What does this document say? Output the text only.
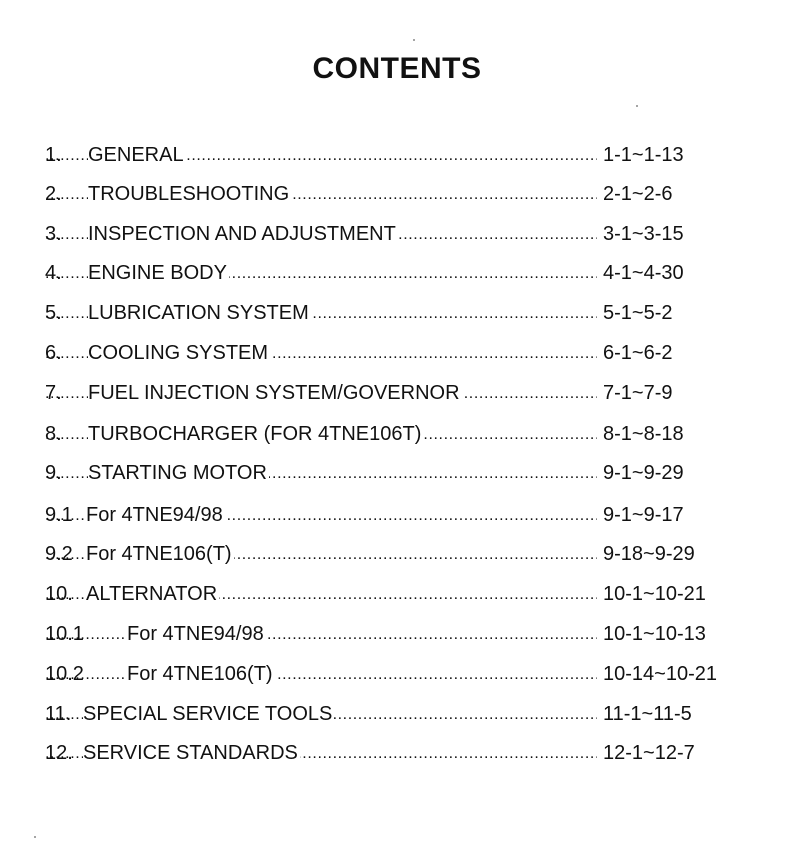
CONTENTS
.....
1. GENERAL	1-1~1-13
.....
2. TROUBLESHOOTING	2-1~2-6
.....
3. INSPECTION AND ADJUSTMENT	3-1~3-15
.....
4. ENGINE BODY	4-1~4-30
.....
5. LUBRICATION SYSTEM	5-1~5-2
.....
6. COOLING SYSTEM	6-1~6-2
.....
7. FUEL INJECTION SYSTEM/GOVERNOR	7-1~7-9
.....
8. TURBOCHARGER (FOR 4TNE106T)	8-1~8-18
.....
9. STARTING MOTOR	9-1~9-29
.....
9.1 For 4TNE94/98	9-1~9-17
.....
9.2 For 4TNE106(T)	9-18~9-29
.....
10. ALTERNATOR	10-1~10-21
.....
10.1 For 4TNE94/98	10-1~10-13
.....
10.2 For 4TNE106(T)	10-14~10-21
.....
11. SPECIAL SERVICE TOOLS	11-1~11-5
.....
12. SERVICE STANDARDS	12-1~12-7
